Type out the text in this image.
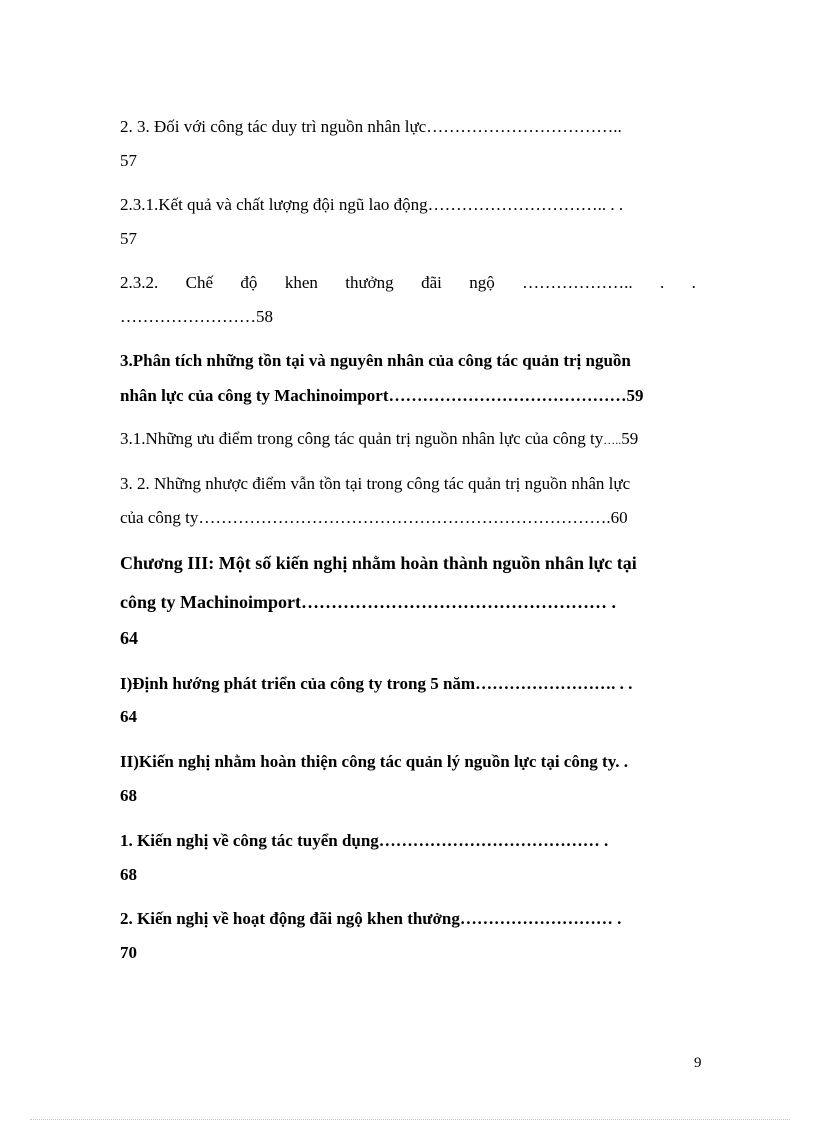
2. 3. Đối với công tác duy trì nguồn nhân lực……………………………..
57
2.3.1.Kết quả và chất lượng đội ngũ lao động………………………….. . .
57
2.3.2. Chế độ khen thưởng đãi ngộ ……………….. . .
……………………58
3.Phân tích những tồn tại và nguyên nhân của công tác quản trị nguồn
nhân lực của công ty Machinoimport……………………………………59
3.1.Những ưu điểm trong công tác quản trị nguồn nhân lực của công ty…..59
3. 2. Những nhược điểm vẫn tồn tại trong công tác quản trị nguồn nhân lực
của công ty……………………………………………………………….60
Chương III: Một số kiến nghị nhằm hoàn thành nguồn nhân lực tại
công ty Machinoimport…………………………………………… .
64
I)Định hướng phát triển của công ty trong 5 năm……………………. . .
64
II)Kiến nghị nhằm hoàn thiện công tác quản lý nguồn lực tại công ty. .
68
1. Kiến nghị về công tác tuyển dụng………………………………… .
68
2. Kiến nghị về hoạt động đãi ngộ khen thưởng……………………… .
70
9
